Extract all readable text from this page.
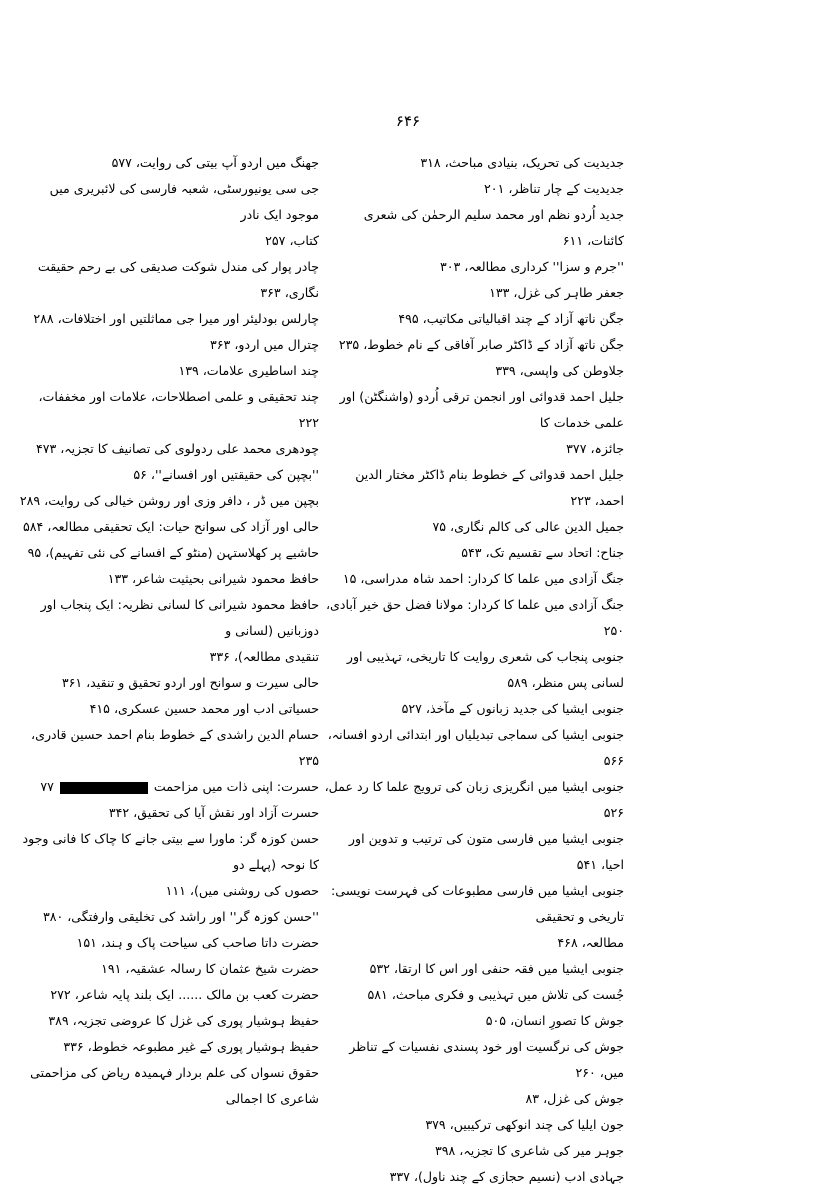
۶۴۶
جدیدیت کی تحریک، بنیادی مباحث، ۳۱۸
جدیدیت کے چار تناظر، ۲۰۱
جدید اُردو نظم اور محمد سلیم الرحمٰن کی شعری کائنات، ۶۱۱
''جرم و سزا'' کرداری مطالعہ، ۳۰۳
جعفر طاہر کی غزل، ۱۳۳
جگن ناتھ آزاد کے چند اقبالیاتی مکاتیب، ۴۹۵
جگن ناتھ آزاد کے ڈاکٹر صابر آفاقی کے نام خطوط، ۲۳۵
جلاوطن کی واپسی، ۳۳۹
جلیل احمد قدوائی اور انجمن ترقی اُردو (واشنگٹن) اور علمی خدمات کا
جائزہ، ۳۷۷
جلیل احمد قدوائی کے خطوط بنام ڈاکٹر مختار الدین احمد، ۲۲۳
جمیل الدین عالی کی کالم نگاری، ۷۵
جناح: اتحاد سے تقسیم تک، ۵۴۳
جنگ آزادی میں علما کا کردار: احمد شاہ مدراسی، ۱۵
جنگ آزادی میں علما کا کردار: مولانا فضل حق خیر آبادی، ۲۵۰
جنوبی پنجاب کی شعری روایت کا تاریخی، تہذیبی اور لسانی پس منظر، ۵۸۹
جنوبی ایشیا کی جدید زبانوں کے مآخذ، ۵۲۷
جنوبی ایشیا کی سماجی تبدیلیاں اور ابتدائی اردو افسانہ، ۵۶۶
جنوبی ایشیا میں انگریزی زبان کی ترویج علما کا رد عمل، ۵۲۶
جنوبی ایشیا میں فارسی متون کی ترتیب و تدوین اور احیا، ۵۴۱
جنوبی ایشیا میں فارسی مطبوعات کی فہرست نویسی: تاریخی و تحقیقی
مطالعہ، ۴۶۸
جنوبی ایشیا میں فقہ حنفی اور اس کا ارتقا، ۵۳۲
جُست کی تلاش میں تہذیبی و فکری مباحث، ۵۸۱
جوش کا تصورِ انسان، ۵۰۵
جوش کی نرگسیت اور خود پسندی نفسیات کے تناظر میں، ۲۶۰
جوش کی غزل، ۸۳
جون ایلیا کی چند انوکھی ترکیبیں، ۳۷۹
جوہر میر کی شاعری کا تجزیہ، ۳۹۸
جہادی ادب (نسیم حجازی کے چند ناول)، ۳۳۷
جھنگ میں اردو آپ بیتی کی روایت، ۵۷۷
جی سی یونیورسٹی، شعبہ فارسی کی لائبریری میں موجود ایک نادر
کتاب، ۲۵۷
چادر پوار کی مندل شوکت صدیقی کی بے رحم حقیقت نگاری، ۳۶۳
چارلس بودلیئر اور میرا جی مماثلتیں اور اختلافات، ۲۸۸
چترال میں اردو، ۳۶۳
چند اساطیری علامات، ۱۳۹
چند تحقیقی و علمی اصطلاحات، علامات اور مخففات، ۲۲۲
چودھری محمد علی ردولوی کی تصانیف کا تجزیہ، ۴۷۳
''بچپن کی حقیقتیں اور افسانے''، ۵۶
بچپن میں ڈر ، دافر وزی اور روشن خیالی کی روایت، ۲۸۹
حالی اور آزاد کی سوانح حیات: ایک تحقیقی مطالعہ، ۵۸۴
حاشیے پر کھلاستہن (منٹو کے افسانے کی نئی تفہیم)، ۹۵
حافظ محمود شیرانی بحیثیت شاعر، ۱۳۳
حافظ محمود شیرانی کا لسانی نظریہ: ایک پنجاب اور دوزبانیں (لسانی و
تنقیدی مطالعہ)، ۳۳۶
حالی سیرت و سوانح اور اردو تحقیق و تنقید، ۳۶۱
حسیاتی ادب اور محمد حسین عسکری، ۴۱۵
حسام الدین راشدی کے خطوط بنام احمد حسین قادری، ۲۳۵
حسرت: اپنی ذات میں مزاحمت  ۷۷
حسرت آزاد اور نقش آیا کی تحقیق، ۳۴۲
حسن کوزہ گر: ماورا سے بیتی جانے کا چاک کا فانی وجود کا نوحہ (پہلے دو
حصوں کی روشنی میں)، ۱۱۱
''حسن کوزہ گر'' اور راشد کی تخلیقی وارفتگی، ۳۸۰
حضرت داتا صاحب کی سیاحت پاک و ہند، ۱۵۱
حضرت شیخ عثمان کا رسالہ عشقیہ، ۱۹۱
حضرت کعب بن مالک ...... ایک بلند پایہ شاعر، ۲۷۲
حفیظ ہوشیار پوری کی غزل کا عروضی تجزیہ، ۳۸۹
حفیظ ہوشیار پوری کے غیر مطبوعہ خطوط، ۳۳۶
حقوق نسواں کی علم بردار فہمیدہ ریاض کی مزاحمتی شاعری کا اجمالی
